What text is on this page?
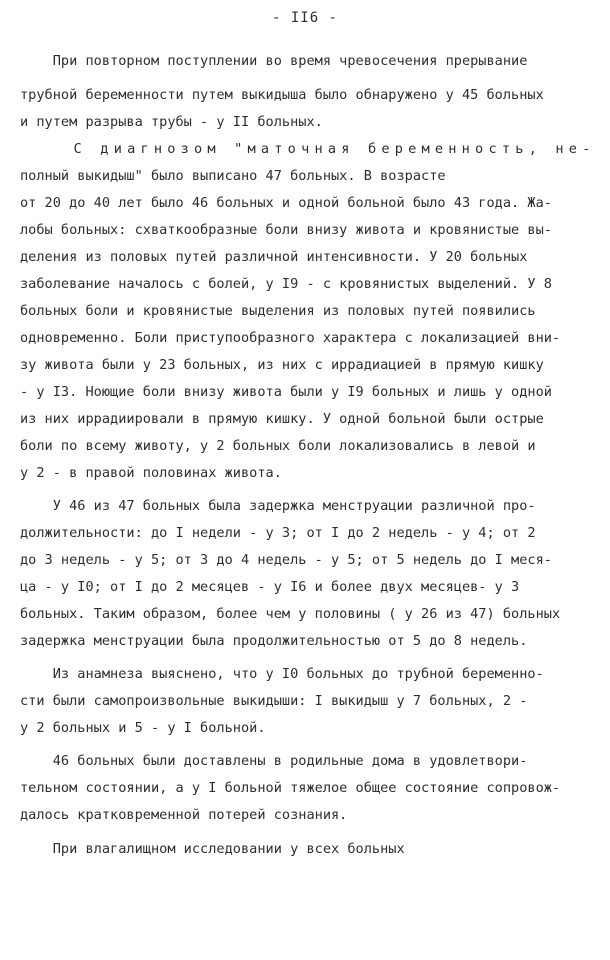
- II6 -
При повторном поступлении во время чревосечения прерывание
трубной беременности путем выкидыша было обнаружено у 45 больных
и путем разрыва трубы - у II больных.
С диагнозом "маточная беременность, не-
полный выкидыш" было выписано 47 больных. В возрасте
от 20 до 40 лет было 46 больных и одной больной было 43 года. Жа-
лобы больных: схваткообразные боли внизу живота и кровянистые вы-
деления из половых путей различной интенсивности. У 20 больных
заболевание началось с болей, у I9 - с кровянистых выделений. У 8
больных боли и кровянистые выделения из половых путей появились
одновременно. Боли приступообразного характера с локализацией вни-
зу живота были у 23 больных, из них с иррадиацией в прямую кишку
- у I3. Ноющие боли внизу живота были у I9 больных и лишь у одной
из них иррадиировали в прямую кишку. У одной больной были острые
боли по всему животу, у 2 больных боли локализовались в левой и
у 2 - в правой половинах живота.
У 46 из 47 больных была задержка менструации различной про-
должительности: до I недели - у 3; от I до 2 недель - у 4; от 2
до 3 недель - у 5; от 3 до 4 недель - у 5; от 5 недель до I меся-
ца - у I0; от I до 2 месяцев - у I6 и более двух месяцев- у 3
больных. Таким образом, более чем у половины ( у 26 из 47) больных
задержка менструации была продолжительностью от 5 до 8 недель.
Из анамнеза выяснено, что у I0 больных до трубной беременно-
сти были самопроизвольные выкидыши: I выкидыш у 7 больных, 2 -
у 2 больных и 5 - у I больной.
46 больных были доставлены в родильные дома в удовлетвори-
тельном состоянии, а у I больной тяжелое общее состояние сопровож-
далось кратковременной потерей сознания.
При влагалищном исследовании у всех больных
